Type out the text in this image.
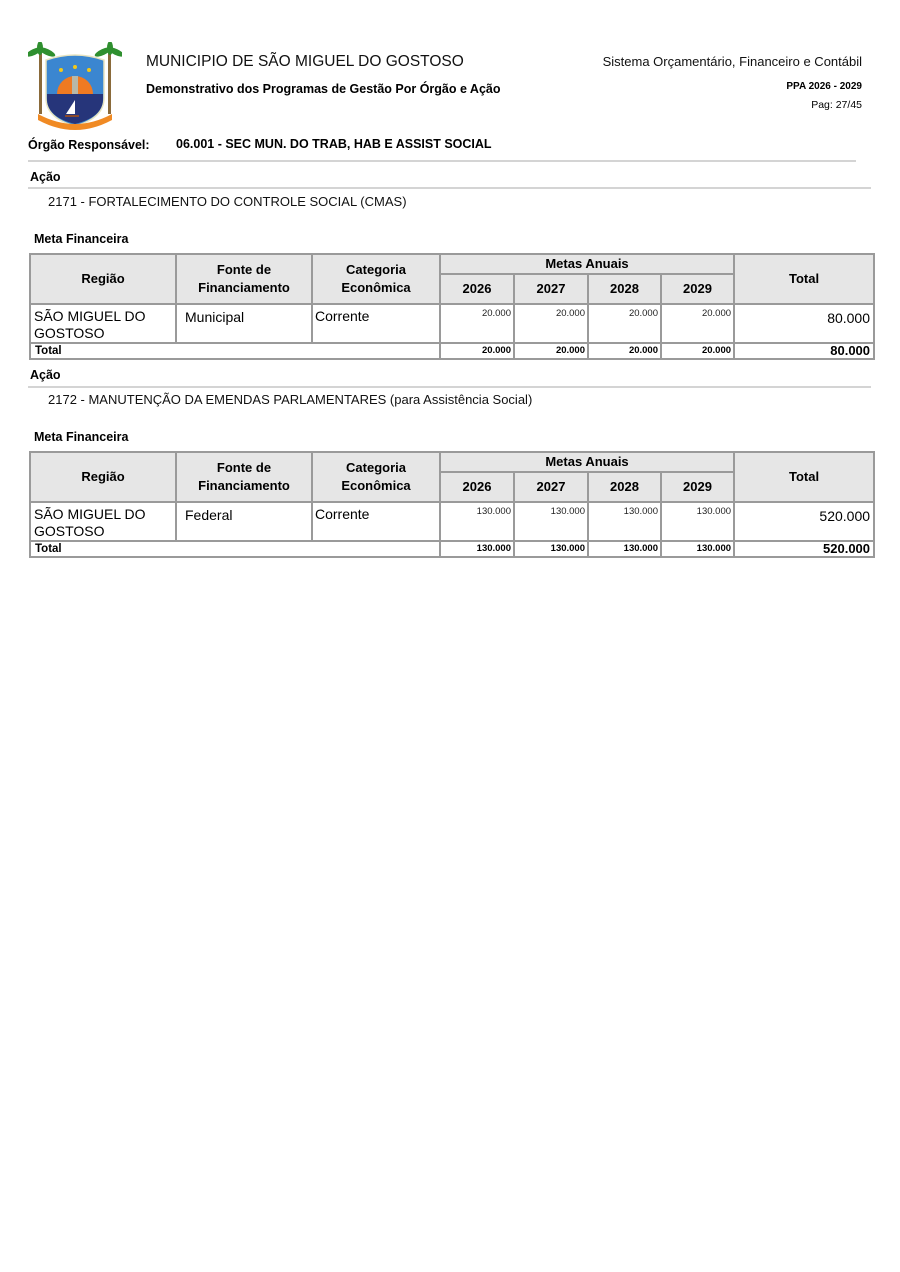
MUNICIPIO DE SÃO MIGUEL DO GOSTOSO
Demonstrativo dos Programas de Gestão Por Órgão e Ação
Sistema Orçamentário, Financeiro e Contábil
PPA 2026 - 2029
Pag: 27/45
Órgão Responsável: 06.001 - SEC MUN. DO TRAB, HAB E ASSIST SOCIAL
Ação
2171 - FORTALECIMENTO DO CONTROLE SOCIAL (CMAS)
Meta Financeira
Região	Fonte de Financiamento	Categoria Econômica	Metas Anuais				Total
			2026	2027	2028	2029	
SÃO MIGUEL DO GOSTOSO	Municipal	Corrente	20.000	20.000	20.000	20.000	80.000
Total			20.000	20.000	20.000	20.000	80.000
Ação
2172 - MANUTENÇÃO DA EMENDAS PARLAMENTARES (para Assistência Social)
Meta Financeira
Região	Fonte de Financiamento	Categoria Econômica	Metas Anuais				Total
			2026	2027	2028	2029	
SÃO MIGUEL DO GOSTOSO	Federal	Corrente	130.000	130.000	130.000	130.000	520.000
Total			130.000	130.000	130.000	130.000	520.000
